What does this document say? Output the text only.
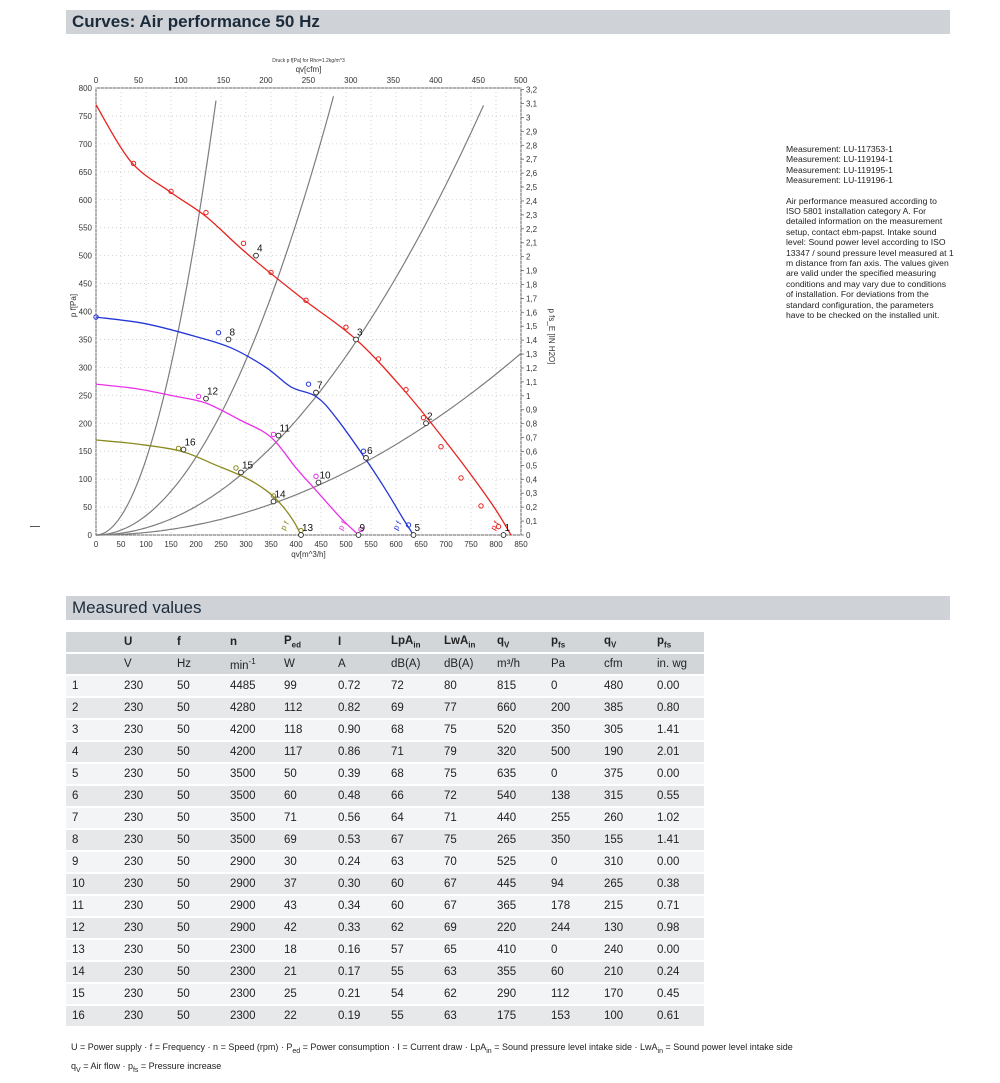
Curves: Air performance 50 Hz
0
50
100
150
200
250
300
350
400
450
500
550
600
650
700
750
800
0 50 100 150 200 250 300 350 400 450 500 550 600 650 700 750 800 850
0	50	100	150	200	250	300	350	400	450	500
0
0,1
0,2
0,3
0,4
0,5
0,6
0,7
0,8
0,9
1
1,1
1,2
1,3
1,4
1,5
1,6
1,7
1,8
1,9
2
2,1
2,2
2,3
2,4
2,5
2,6
2,7
2,8
2,9
3
3,1
3,2
Druck p f[Pa] for Rho=1.2kg/m^3
qv[cfm]
qv[m^3/h]
p f[Pa]
p fs_E [IN H2O]
p f
p f
p f
p f	1
2
3
4
5
6
7
8
9
10
11
12
13
14
15
16
Measurement: LU-117353-1
Measurement: LU-119194-1
Measurement: LU-119195-1
Measurement: LU-119196-1

Air performance measured according to ISO 5801 installation category A. For detailed information on the measurement setup, contact ebm-papst. Intake sound level: Sound power level according to ISO 13347 / sound pressure level measured at 1 m distance from fan axis. The values given are valid under the specified measuring conditions and may vary due to conditions of installation. For deviations from the standard configuration, the parameters have to be checked on the installed unit.

Measured values
	U	f	n	$P_{ed}$	I	LpA$_{in}$	LwA$_{in}$	$q_V$	$p_{fs}$	$q_V$	$p_{fs}$
	V	Hz	$\min^{-1}$	W	A	dB(A)	dB(A)	m³/h	Pa	cfm	in. wg
1	230	50	4485	99	0.72	72	80	815	0	480	0.00
2	230	50	4280	112	0.82	69	77	660	200	385	0.80
3	230	50	4200	118	0.90	68	75	520	350	305	1.41
4	230	50	4200	117	0.86	71	79	320	500	190	2.01
5	230	50	3500	50	0.39	68	75	635	0	375	0.00
6	230	50	3500	60	0.48	66	72	540	138	315	0.55
7	230	50	3500	71	0.56	64	71	440	255	260	1.02
8	230	50	3500	69	0.53	67	75	265	350	155	1.41
9	230	50	2900	30	0.24	63	70	525	0	310	0.00
10	230	50	2900	37	0.30	60	67	445	94	265	0.38
11	230	50	2900	43	0.34	60	67	365	178	215	0.71
12	230	50	2900	42	0.33	62	69	220	244	130	0.98
13	230	50	2300	18	0.16	57	65	410	0	240	0.00
14	230	50	2300	21	0.17	55	63	355	60	210	0.24
15	230	50	2300	25	0.21	54	62	290	112	170	0.45
16	230	50	2300	22	0.19	55	63	175	153	100	0.61
U = Power supply · f = Frequency · n = Speed $(rpm) \cdot P_{ed}$ = Power consumption · I = Current draw · LpA$_{in}$ = Sound pressure level intake side · LwA$_{in}$ = Sound power level intake side
$q_V$ = Air flow · $p_{fs}$ = Pressure increase
